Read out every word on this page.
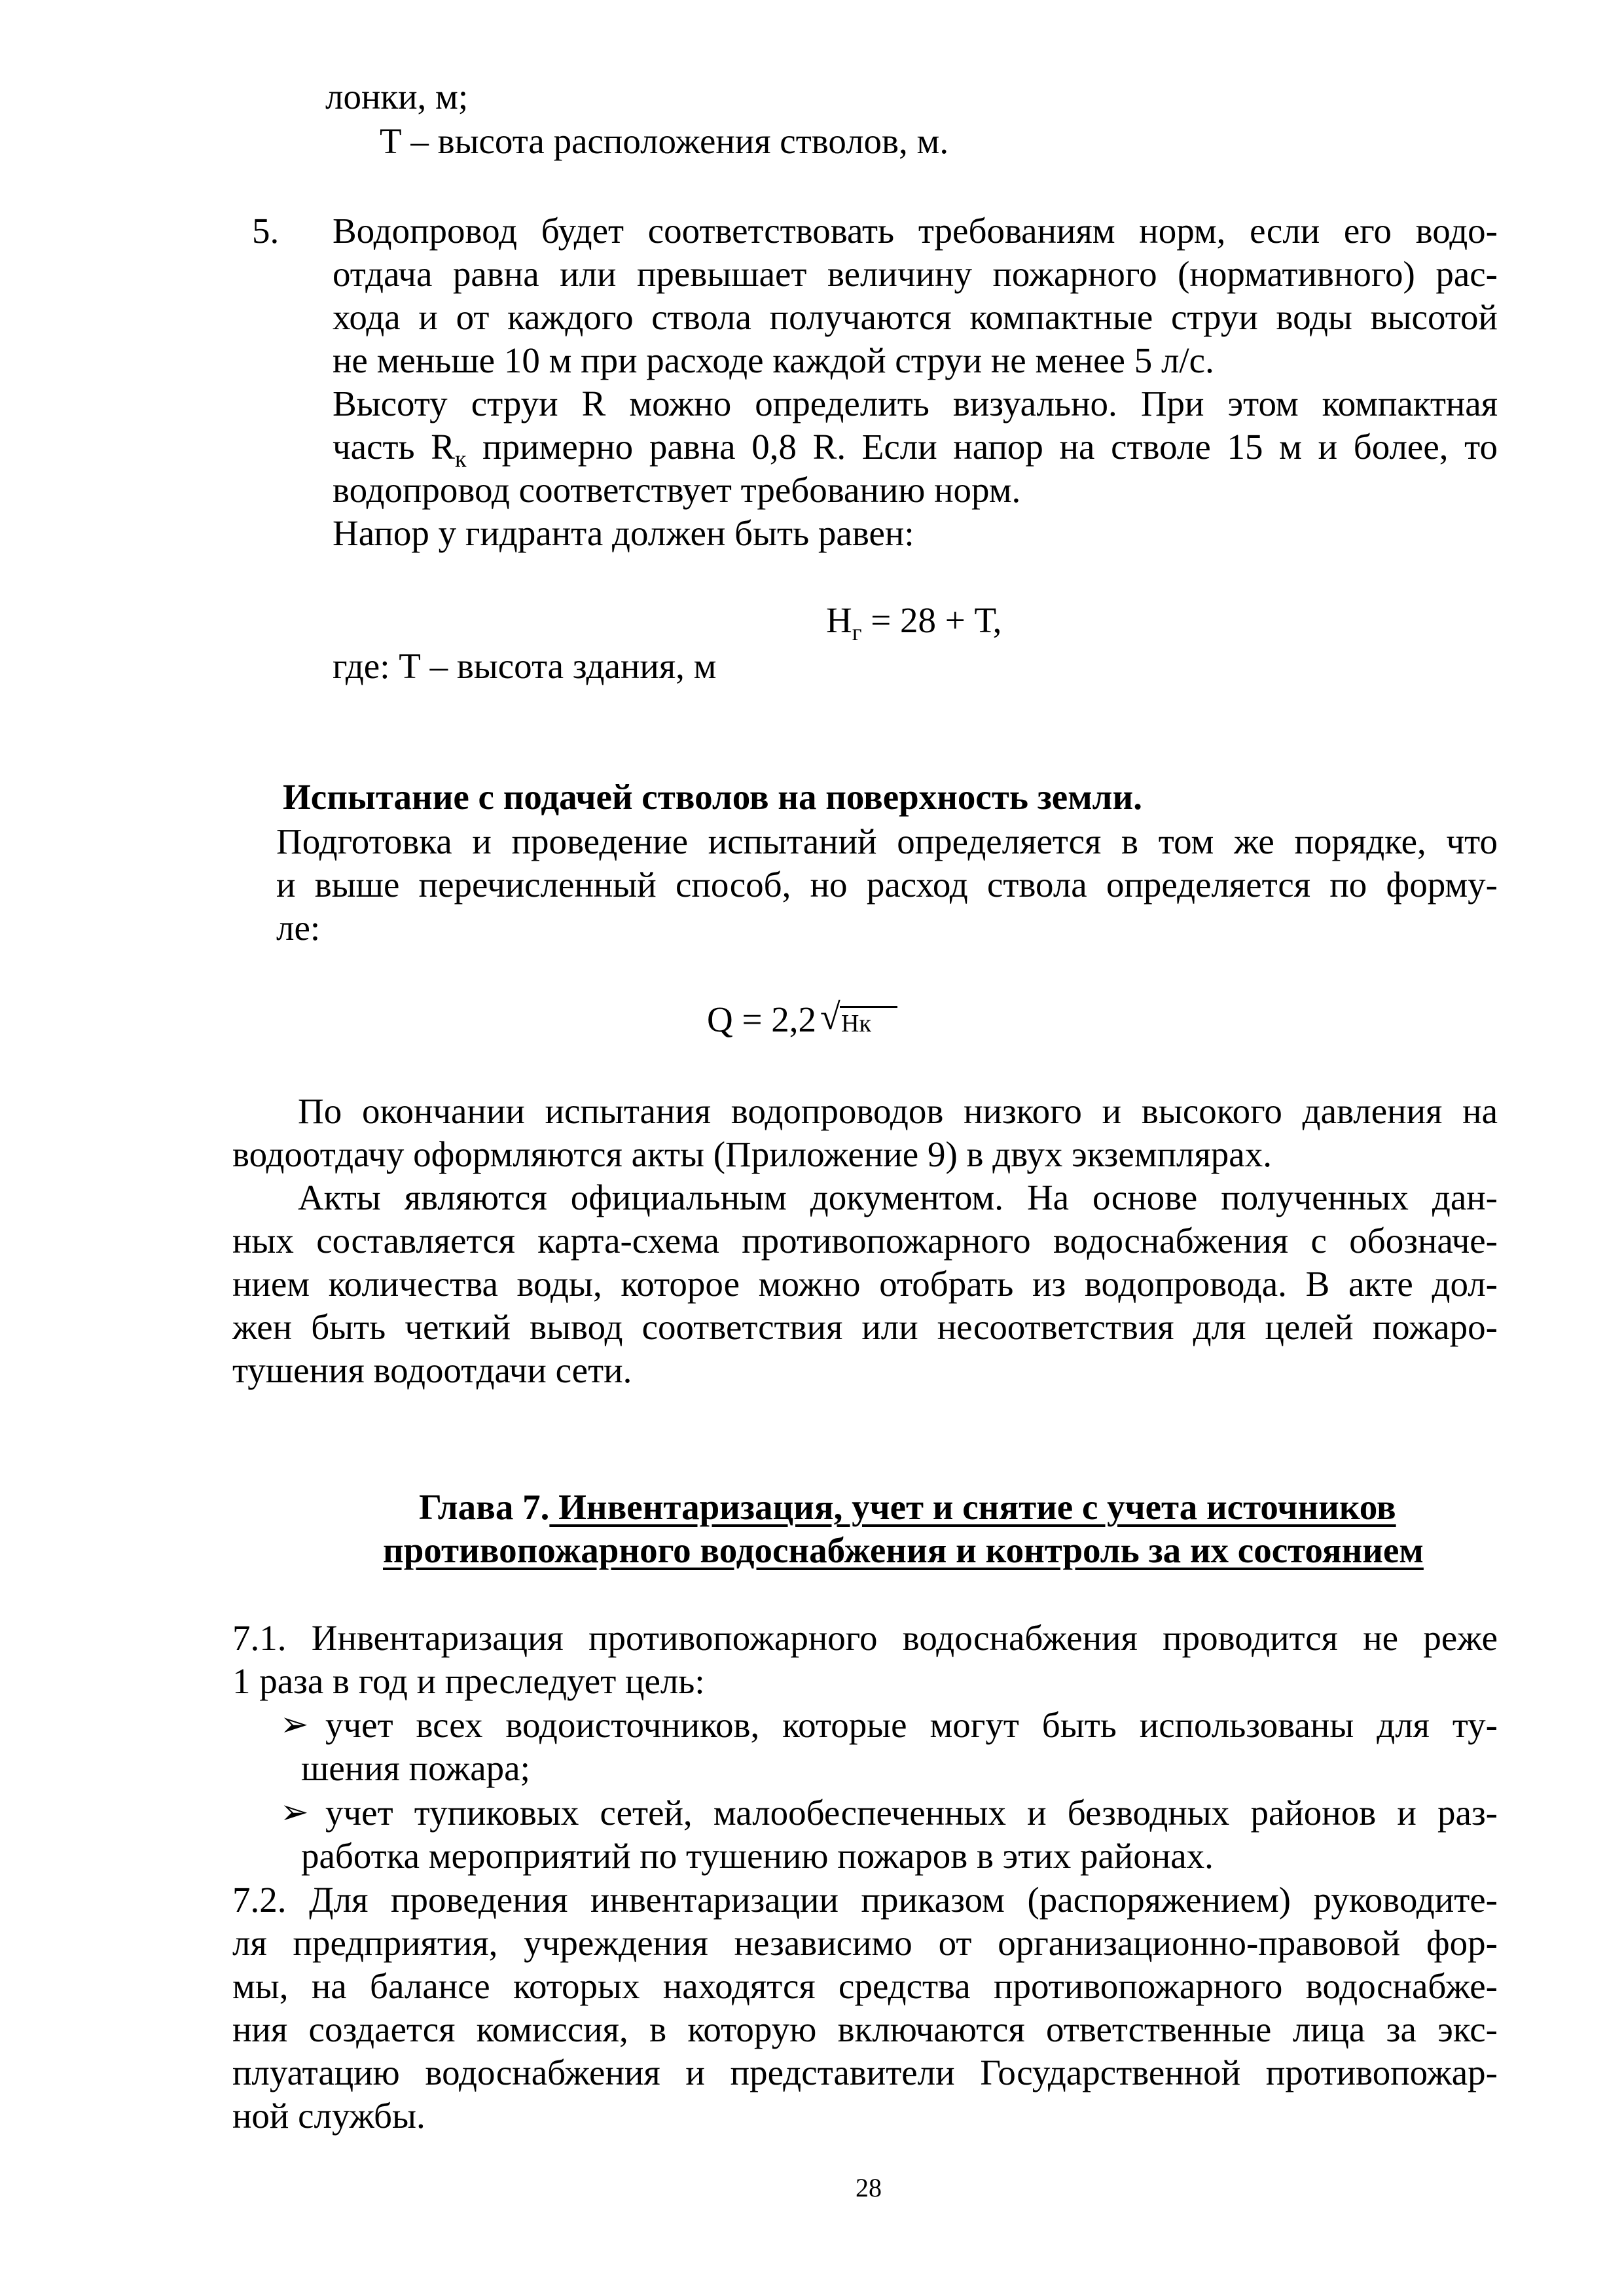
лонки, м;
Т – высота расположения стволов, м.
5. Водопровод будет соответствовать требованиям норм, если его водо-
отдача равна или превышает величину пожарного (нормативного) рас-
хода и от каждого ствола получаются компактные струи воды высотой
не меньше 10 м при расходе каждой струи не менее 5 л/с.
Высоту струи R можно определить визуально. При этом компактная
часть $R_к$ примерно равна 0,8 R. Если напор на стволе 15 м и более, то
водопровод соответствует требованию норм.
Напор у гидранта должен быть равен:
$Н_г = 28 + Т$,
где: Т – высота здания, м
Испытание с подачей стволов на поверхность земли.
Подготовка и проведение испытаний определяется в том же порядке, что
и выше перечисленный способ, но расход ствола определяется по форму-
ле:
Q = 2,2 √ Нк
По окончании испытания водопроводов низкого и высокого давления на
водоотдачу оформляются акты (Приложение 9) в двух экземплярах.
Акты являются официальным документом. На основе полученных дан-
ных составляется карта-схема противопожарного водоснабжения с обозначе-
нием количества воды, которое можно отобрать из водопровода. В акте дол-
жен быть четкий вывод соответствия или несоответствия для целей пожаро-
тушения водоотдачи сети.
Глава 7. Инвентаризация, учет и снятие с учета источников
противопожарного водоснабжения и контроль за их состоянием
7.1. Инвентаризация противопожарного водоснабжения проводится не реже
1 раза в год и преследует цель:
➢ учет всех водоисточников, которые могут быть использованы для ту-
шения пожара;
➢ учет тупиковых сетей, малообеспеченных и безводных районов и раз-
работка мероприятий по тушению пожаров в этих районах.
7.2. Для проведения инвентаризации приказом (распоряжением) руководите-
ля предприятия, учреждения независимо от организационно-правовой фор-
мы, на балансе которых находятся средства противопожарного водоснабже-
ния создается комиссия, в которую включаются ответственные лица за экс-
плуатацию водоснабжения и представители Государственной противопожар-
ной службы.
28
